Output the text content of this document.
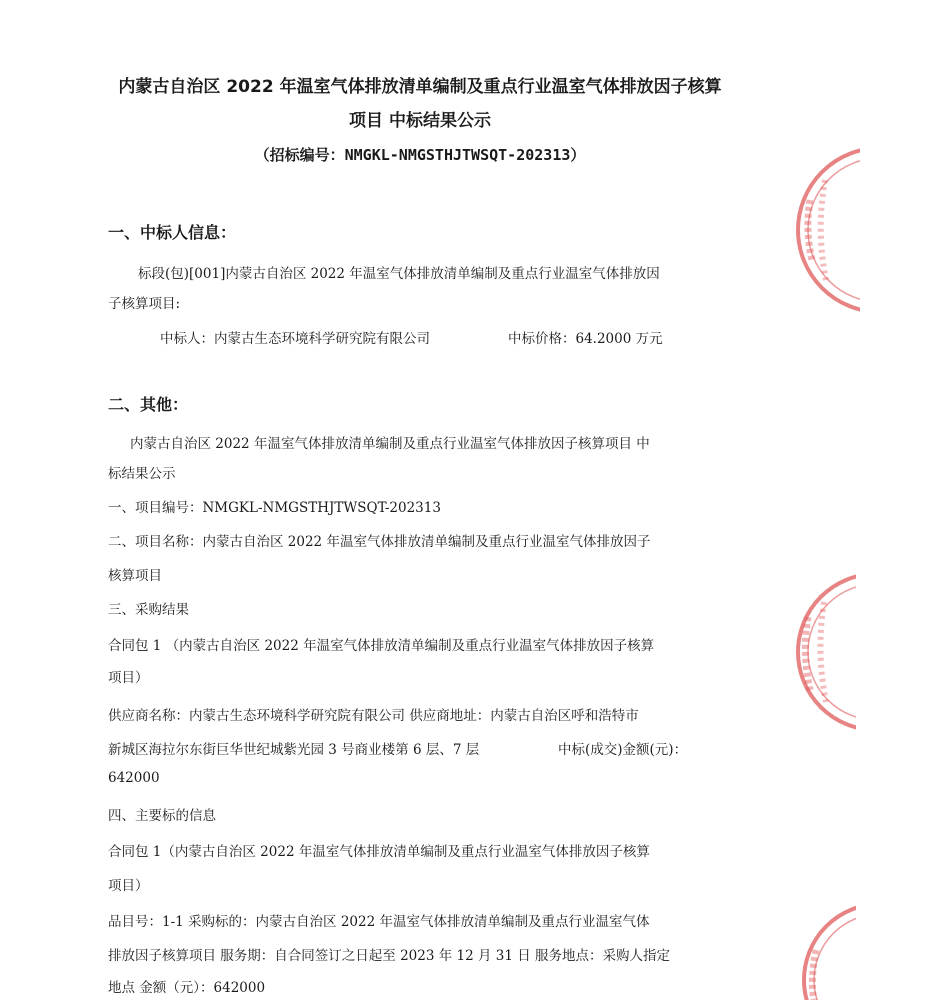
内蒙古自治区 2022 年温室气体排放清单编制及重点行业温室气体排放因子核算
项目 中标结果公示
（招标编号：NMGKL-NMGSTHJTWSQT-202313）
一、中标人信息：
标段(包)[001]内蒙古自治区 2022 年温室气体排放清单编制及重点行业温室气体排放因
子核算项目:
中标人：内蒙古生态环境科学研究院有限公司	中标价格：64.2000 万元
二、其他：
内蒙古自治区 2022 年温室气体排放清单编制及重点行业温室气体排放因子核算项目 中
标结果公示
一、项目编号：NMGKL-NMGSTHJTWSQT-202313
二、项目名称：内蒙古自治区 2022 年温室气体排放清单编制及重点行业温室气体排放因子
核算项目
三、采购结果
合同包 1 （内蒙古自治区 2022 年温室气体排放清单编制及重点行业温室气体排放因子核算
项目）
供应商名称：内蒙古生态环境科学研究院有限公司 供应商地址：内蒙古自治区呼和浩特市
新城区海拉尔东街巨华世纪城紫光园 3 号商业楼第 6 层、7 层	中标(成交)金额(元)：
642000
四、主要标的信息
合同包 1（内蒙古自治区 2022 年温室气体排放清单编制及重点行业温室气体排放因子核算
项目）
品目号：1-1 采购标的：内蒙古自治区 2022 年温室气体排放清单编制及重点行业温室气体
排放因子核算项目 服务期：自合同签订之日起至 2023 年 12 月 31 日 服务地点：采购人指定
地点 金额（元）：642000
